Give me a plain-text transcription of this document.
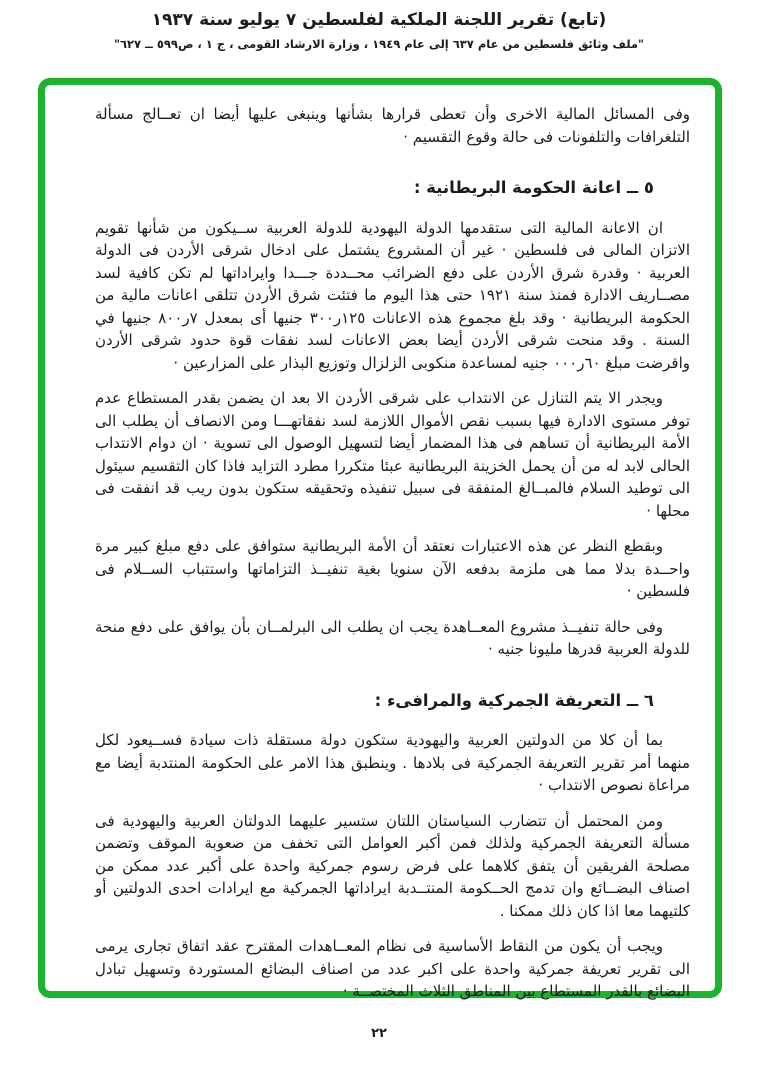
(تابع) تقرير اللجنة الملكية لفلسطين ٧ يوليو سنة ١٩٣٧
"ملف وثائق فلسطين من عام ٦٣٧ إلى عام ١٩٤٩ ، وزارة الارشاد القومى ، ج ١ ، ص٥٩٩ ــ ٦٢٧"

وفى المسائل المالية الاخرى وأن تعطى قرارها بشأنها وينبغى عليها أيضا ان تعــالج مسألة التلغرافات والتلفونات فى حالة وقوع التقسيم ·

٥ ــ اعانة الحكومة البريطانية :

ان الاعانة المالية التى ستقدمها الدولة اليهودية للدولة العربية ســيكون من شأنها تقويم الاتزان المالى فى فلسطين · غير أن المشروع يشتمل على ادخال شرقى الأردن فى الدولة العربية · وقدرة شرق الأردن على دفع الضرائب محــددة جـــدا وايراداتها لم تكن كافية لسد مصــاريف الادارة فمنذ سنة ١٩٢١ حتى هذا اليوم ما فتئت شرق الأردن تتلقى اعانات مالية من الحكومة البريطانية · وقد بلغ مجموع هذه الاعانات ١٢٥ر٣٠٠ جنيها أى بمعدل ٧ر٨٠٠ جنيها في السنة . وقد منحت شرقى الأردن أيضا بعض الاعانات لسد نفقات قوة حدود شرقى الأردن واقرضت مبلغ ٦٠ر٠٠٠ جنيه لمساعدة منكوبى الزلزال وتوزيع البذار على المزارعين ·

ويجدر الا يتم التنازل عن الانتداب على شرقى الأردن الا بعد ان يضمن بقدر المستطاع عدم توفر مستوى الادارة فيها بسبب نقص الأموال اللازمة لسد نفقاتهـــا ومن الانصاف أن يطلب الى الأمة البريطانية أن تساهم فى هذا المضمار أيضا لتسهيل الوصول الى تسوية · ان دوام الانتداب الحالى لابد له من أن يحمل الخزينة البريطانية عبئا متكررا مطرد التزايد فاذا كان التقسيم سيئول الى توطيد السلام فالمبــالغ المنفقة فى سبيل تنفيذه وتحقيقه ستكون بدون ريب قد انفقت فى محلها ·

وبقطع النظر عن هذه الاعتبارات نعتقد أن الأمة البريطانية ستوافق على دفع مبلغ كبير مرة واحــدة بدلا مما هى ملزمة بدفعه الآن سنويا بغية تنفيــذ التزاماتها واستتباب الســلام فى فلسطين ·

وفى حالة تنفيــذ مشروع المعــاهدة يجب ان يطلب الى البرلمــان بأن يوافق على دفع منحة للدولة العربية قدرها مليونا جنيه ·

٦ ــ التعريفة الجمركية والمرافىء :

بما أن كلا من الدولتين العربية واليهودية ستكون دولة مستقلة ذات سيادة فســيعود لكل منهما أمر تقرير التعريفة الجمركية فى بلادها . وينطبق هذا الامر على الحكومة المنتدبة أيضا مع مراعاة نصوص الانتداب ·

ومن المحتمل أن تتضارب السياستان اللتان ستسير عليهما الدولتان العربية واليهودية فى مسألة التعريفة الجمركية ولذلك فمن أكبر العوامل التى تخفف من صعوبة الموقف وتضمن مصلحة الفريقين أن يتفق كلاهما على فرض رسوم جمركية واحدة على أكبر عدد ممكن من اصناف البضــائع وان تدمج الحــكومة المنتــدبة ايراداتها الجمركية مع ايرادات احدى الدولتين أو كلتيهما معا اذا كان ذلك ممكنا .

ويجب أن يكون من النقاط الأساسية فى نظام المعــاهدات المقترح عقد اتفاق تجارى يرمى الى تقرير تعريفة جمركية واحدة على اكبر عدد من اصناف البضائع المستوردة وتسهيل تبادل البضائع بالقدر المستطاع بين المناطق الثلاث المختصــة ·

٢٢
